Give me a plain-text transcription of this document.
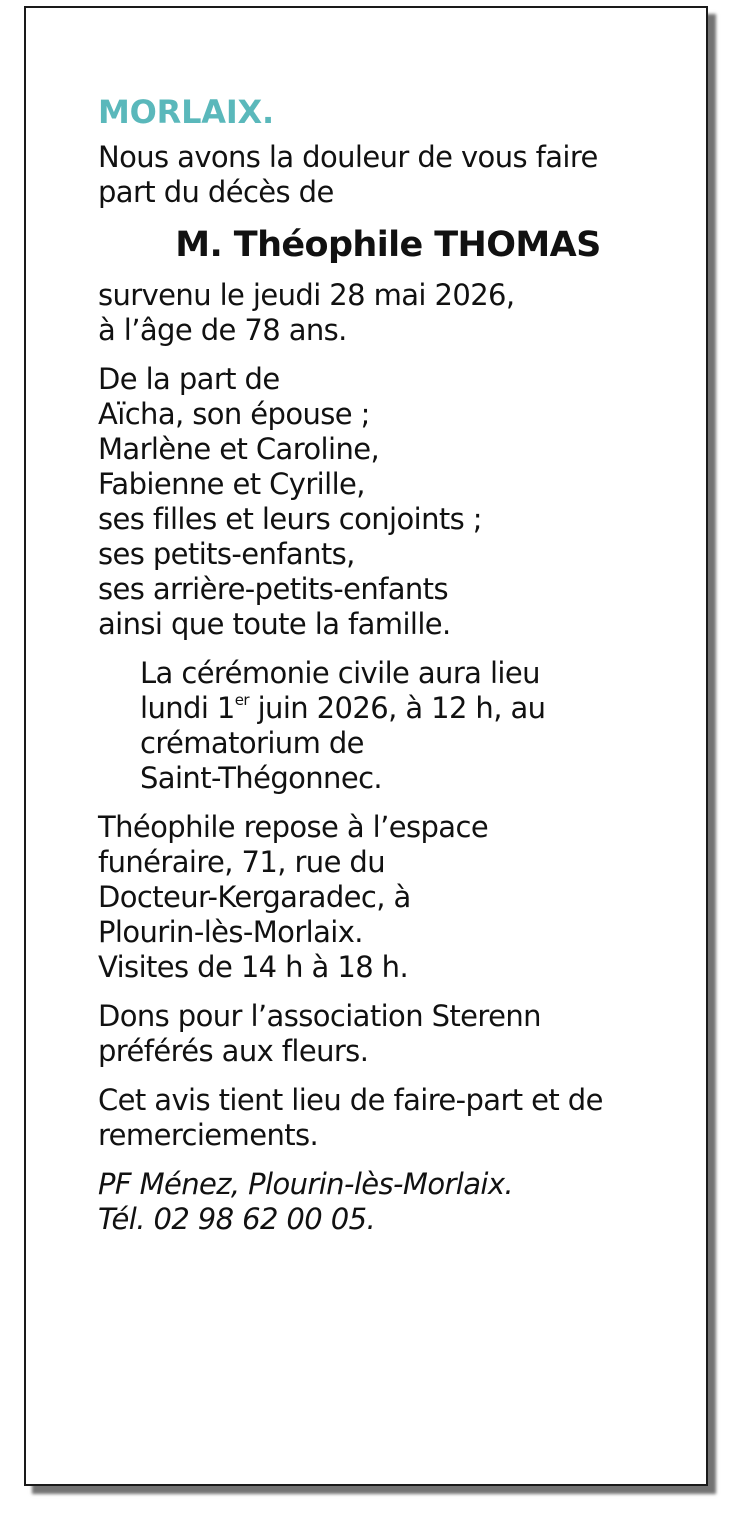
MORLAIX.

Nous avons la douleur de vous faire
part du décès de

M. Théophile THOMAS

survenu le jeudi 28 mai 2026,
à l’âge de 78 ans.

De la part de
Aïcha, son épouse ;
Marlène et Caroline,
Fabienne et Cyrille,
ses filles et leurs conjoints ;
ses petits-enfants,
ses arrière-petits-enfants
ainsi que toute la famille.

La cérémonie civile aura lieu
lundi 1er juin 2026, à 12 h, au
crématorium de
Saint-Thégonnec.

Théophile repose à l’espace
funéraire, 71, rue du
Docteur-Kergaradec, à
Plourin-lès-Morlaix.
Visites de 14 h à 18 h.

Dons pour l’association Sterenn
préférés aux fleurs.

Cet avis tient lieu de faire-part et de
remerciements.

PF Ménez, Plourin-lès-Morlaix.
Tél. 02 98 62 00 05.
